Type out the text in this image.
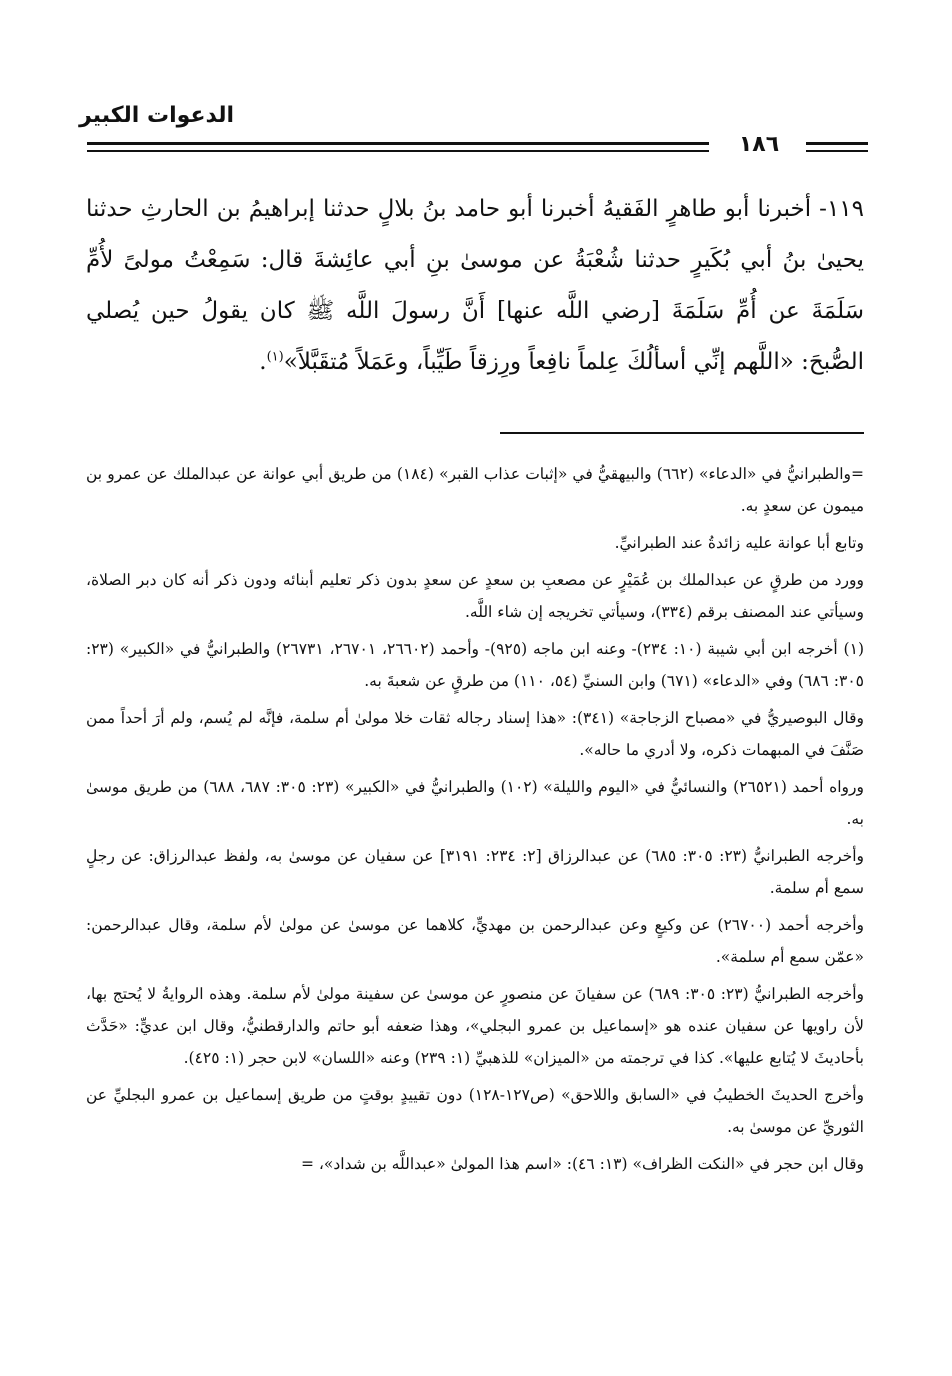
الدعوات الكبير
١٨٦

١١٩- أخبرنا أبو طاهرٍ الفَقيهُ أخبرنا أبو حامد بنُ بلالٍ حدثنا إبراهيمُ بن الحارثِ حدثنا يحيىٰ بنُ أبي بُكَيرٍ حدثنا شُعْبَةُ عن موسىٰ بنِ أبي عائِشةَ قال: سَمِعْتُ مولىً لأُمِّ سَلَمَةَ عن أُمِّ سَلَمَةَ [رضي اللَّه عنها] أَنَّ رسولَ اللَّه ﷺ كان يقولُ حين يُصلي الصُّبحَ: «اللَّهم إنِّي أسألُكَ عِلماً نافِعاً ورِزقاً طَيِّباً، وعَمَلاً مُتقَبَّلاً»$^{(١)}$.

=والطبرانيُّ في «الدعاء» (٦٦٢) والبيهقيُّ في «إثبات عذاب القبر» (١٨٤) من طريق أبي عوانة عن عبدالملك عن عمرو بن ميمون عن سعدٍ به.

وتابع أبا عوانة عليه زائدةُ عند الطبرانيِّ.

وورد من طرقٍ عن عبدالملك بن عُمَيْرٍ عن مصعبِ بن سعدٍ عن سعدٍ بدون ذكر تعليم أبنائه ودون ذكر أنه كان دبر الصلاة، وسيأتي عند المصنف برقم (٣٣٤)، وسيأتي تخريجه إن شاء اللَّه.

(١) أخرجه ابن أبي شيبة (١٠: ٢٣٤)- وعنه ابن ماجه (٩٢٥)- وأحمد (٢٦٦٠٢، ٢٦٧٠١، ٢٦٧٣١) والطبرانيُّ في «الكبير» (٢٣: ٣٠٥: ٦٨٦) وفي «الدعاء» (٦٧١) وابن السنيِّ (٥٤، ١١٠) من طرقٍ عن شعبةَ به.

وقال البوصيريُّ في «مصباح الزجاجة» (٣٤١): «هذا إسناد رجاله ثقات خلا مولىٰ أم سلمة، فإنَّه لم يُسم، ولم أرَ أحداً ممن صَنَّفَ في المبهمات ذكره، ولا أدري ما حاله».

ورواه أحمد (٢٦٥٢١) والنسائيُّ في «اليوم والليلة» (١٠٢) والطبرانيُّ في «الكبير» (٢٣: ٣٠٥: ٦٨٧، ٦٨٨) من طريق موسىٰ به.

وأخرجه الطبرانيُّ (٢٣: ٣٠٥: ٦٨٥) عن عبدالرزاق [٢: ٢٣٤: ٣١٩١] عن سفيان عن موسىٰ به، ولفظ عبدالرزاق: عن رجلٍ سمع أم سلمة.

وأخرجه أحمد (٢٦٧٠٠) عن وكيعٍ وعن عبدالرحمن بن مهديٍّ، كلاهما عن موسىٰ عن مولىٰ لأم سلمة، وقال عبدالرحمن: «عمّن سمع أم سلمة».

وأخرجه الطبرانيُّ (٢٣: ٣٠٥: ٦٨٩) عن سفيانَ عن منصورٍ عن موسىٰ عن سفينة مولىٰ لأم سلمة. وهذه الروايةُ لا يُحتج بها، لأن راويها عن سفيان عنده هو «إسماعيل بن عمرو البجلي»، وهذا ضعفه أبو حاتم والدارقطنيُّ، وقال ابن عديٍّ: «حَدَّث بأحاديثَ لا يُتابع عليها». كذا في ترجمته من «الميزان» للذهبيِّ (١: ٢٣٩) وعنه «اللسان» لابن حجر (١: ٤٢٥).

وأخرج الحديثَ الخطيبُ في «السابق واللاحق» (ص١٢٧-١٢٨) دون تقييدٍ بوقتٍ من طريق إسماعيل بن عمرو البجليِّ عن الثوريِّ عن موسىٰ به.

وقال ابن حجر في «النكت الظراف» (١٣: ٤٦): «اسم هذا المولىٰ «عبداللَّه بن شداد»، =
